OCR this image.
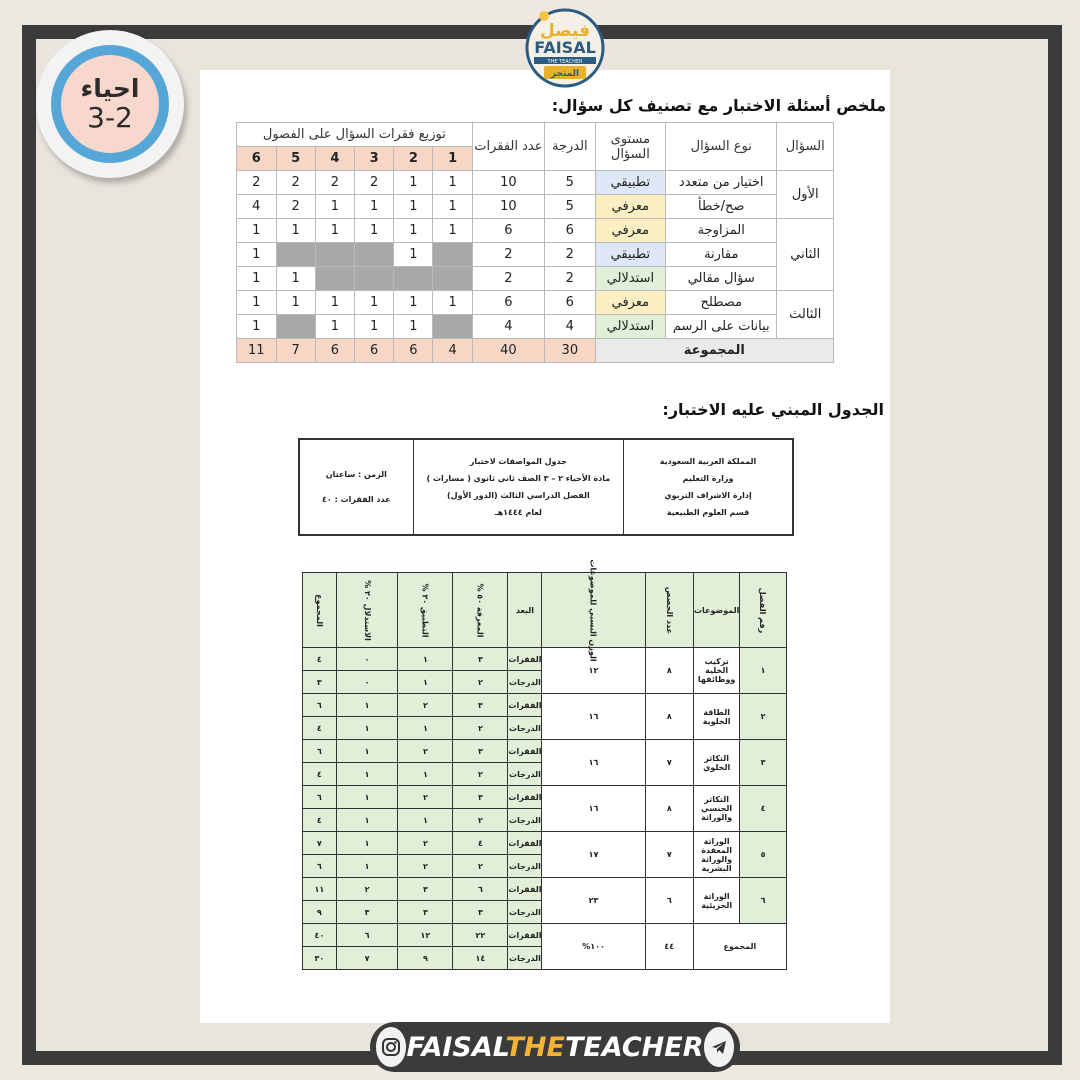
ملخص أسئلة الاختبار مع تصنيف كل سؤال:
السؤال	نوع السؤال	مستوى السؤال	الدرجة	عدد الفقرات	توزيع فقرات السؤال على الفصول					
					1	2	3	4	5	6
الأول	اختيار من متعدد	تطبيقي	5	10	1	1	2	2	2	2
	صح/خطأ	معرفي	5	10	1	1	1	1	2	4
الثاني	المزاوجة	معرفي	6	6	1	1	1	1	1	1
	مقارنة	تطبيقي	2	2		1				1
	سؤال مقالي	استدلالي	2	2					1	1
الثالث	مصطلح	معرفي	6	6	1	1	1	1	1	1
	بيانات على الرسم	استدلالي	4	4		1	1	1		1
المجموعة			30	40	4	6	6	6	7	11
الجدول المبني عليه الاختبار:
المملكة العربية السعودية
وزارة التعليم
إدارة الاشراف التربوي
قسم العلوم الطبيعية
جدول المواصفات لاختبار
مادة الأحياء ٢ – ٣ الصف ثاني ثانوي ( مسارات )
الفصل الدراسي الثالث (الدور الأول)
لعام ١٤٤٤هـ
الزمن : ساعتان
عدد الفقرات : ٤٠
رقم الفصل	الموضوعات	عدد الحصص	الوزن النسبي للموضوعات	البعد	المعرفة ٥٠ %	التطبيق ٣٠ %	الاستدلال ٢٠ %	المجموع
١	تركيب الخلية ووظائفها	٨	١٢	الفقرات	٣	١	٠	٤
				الدرجات	٢	١	٠	٣
٢	الطاقة الخلوية	٨	١٦	الفقرات	٣	٢	١	٦
				الدرجات	٢	١	١	٤
٣	التكاثر الخلوي	٧	١٦	الفقرات	٣	٢	١	٦
				الدرجات	٢	١	١	٤
٤	التكاثر الجنسي والوراثة	٨	١٦	الفقرات	٣	٢	١	٦
				الدرجات	٢	١	١	٤
٥	الوراثة المعقدة والوراثة البشرية	٧	١٧	الفقرات	٤	٢	١	٧
				الدرجات	٢	٢	١	٦
٦	الوراثة الجزيئية	٦	٢٣	الفقرات	٦	٣	٢	١١
				الدرجات	٣	٣	٣	٩
المجموع		٤٤	١٠٠%	الفقرات	٢٢	١٢	٦	٤٠
				الدرجات	١٤	٩	٧	٣٠
احياء
3-2
فيصل
FAISAL
THE TEACHER
المتجر
FAISALTHETEACHER
